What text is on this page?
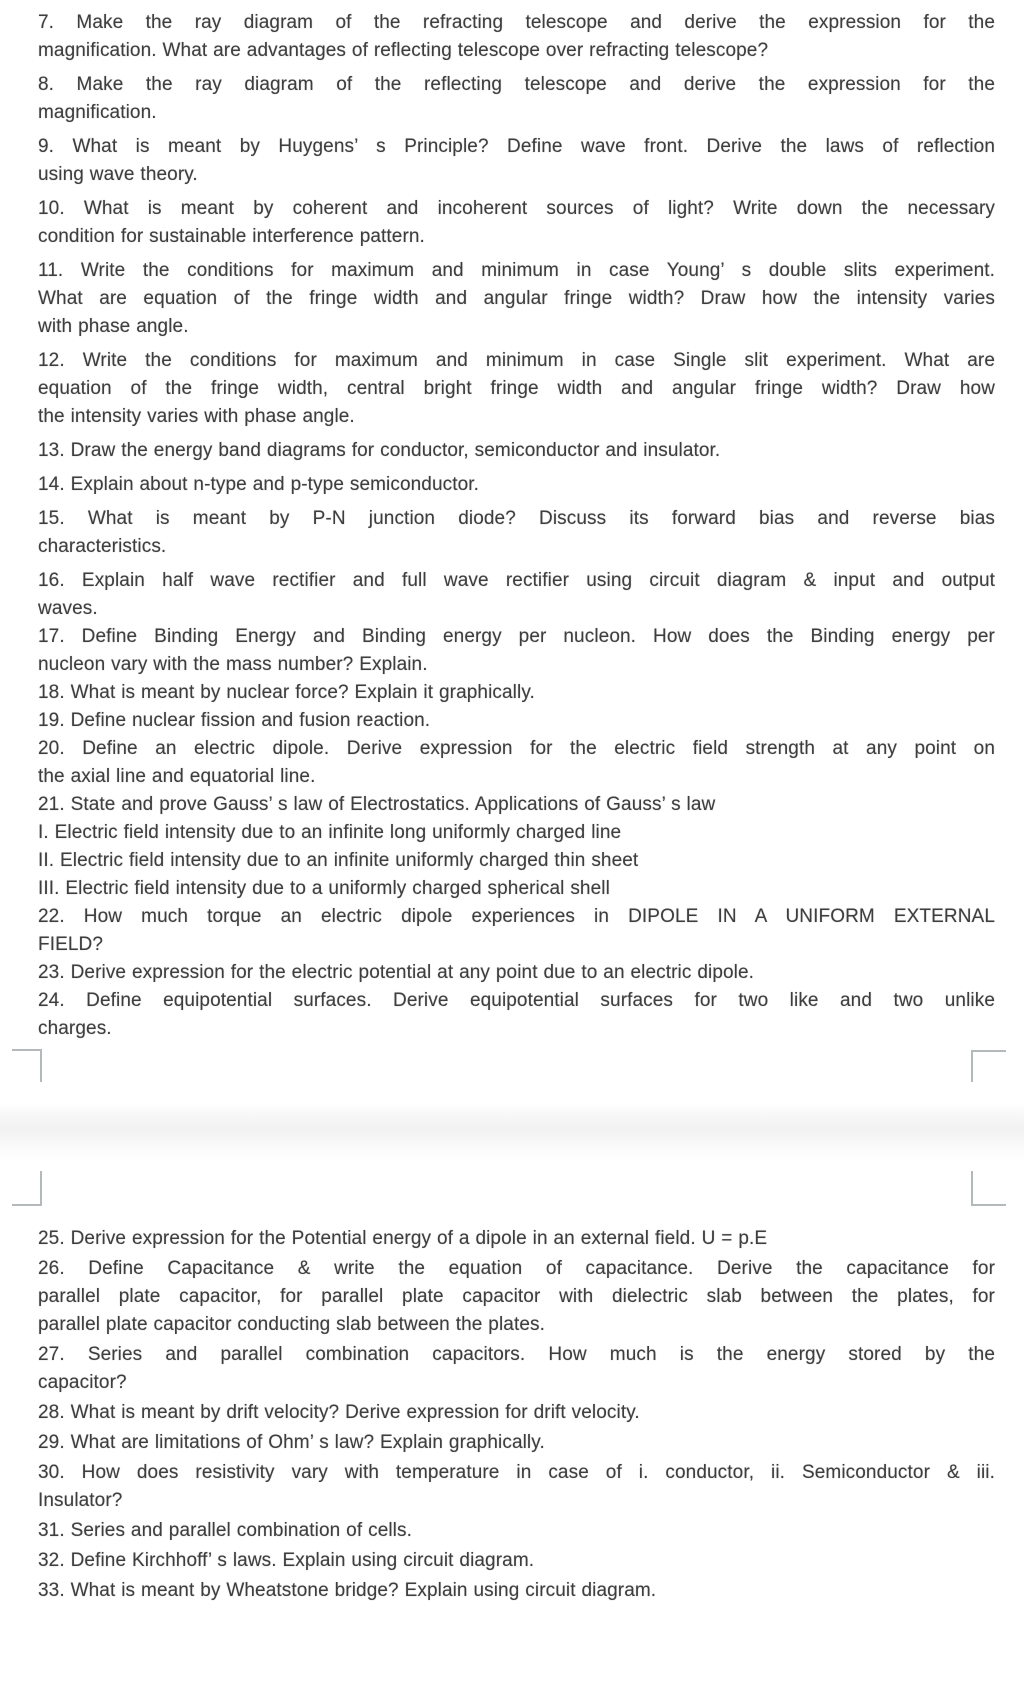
7. Make the ray diagram of the refracting telescope and derive the expression for the
magnification. What are advantages of reflecting telescope over refracting telescope?
8. Make the ray diagram of the reflecting telescope and derive the expression for the
magnification.
9. What is meant by Huygens’ s Principle? Define wave front. Derive the laws of reflection
using wave theory.
10. What is meant by coherent and incoherent sources of light? Write down the necessary
condition for sustainable interference pattern.
11. Write the conditions for maximum and minimum in case Young’ s double slits experiment.
What are equation of the fringe width and angular fringe width? Draw how the intensity varies
with phase angle.
12. Write the conditions for maximum and minimum in case Single slit experiment. What are
equation of the fringe width, central bright fringe width and angular fringe width? Draw how
the intensity varies with phase angle.
13. Draw the energy band diagrams for conductor, semiconductor and insulator.
14. Explain about n-type and p-type semiconductor.
15. What is meant by P-N junction diode? Discuss its forward bias and reverse bias
characteristics.
16. Explain half wave rectifier and full wave rectifier using circuit diagram & input and output
waves.
17. Define Binding Energy and Binding energy per nucleon. How does the Binding energy per
nucleon vary with the mass number? Explain.
18. What is meant by nuclear force? Explain it graphically.
19. Define nuclear fission and fusion reaction.
20. Define an electric dipole. Derive expression for the electric field strength at any point on
the axial line and equatorial line.
21. State and prove Gauss’ s law of Electrostatics. Applications of Gauss’ s law
I. Electric field intensity due to an infinite long uniformly charged line
II. Electric field intensity due to an infinite uniformly charged thin sheet
III. Electric field intensity due to a uniformly charged spherical shell
22. How much torque an electric dipole experiences in DIPOLE IN A UNIFORM EXTERNAL
FIELD?
23. Derive expression for the electric potential at any point due to an electric dipole.
24. Define equipotential surfaces. Derive equipotential surfaces for two like and two unlike
charges.
25. Derive expression for the Potential energy of a dipole in an external field. U = p.E
26. Define Capacitance & write the equation of capacitance. Derive the capacitance for
parallel plate capacitor, for parallel plate capacitor with dielectric slab between the plates, for
parallel plate capacitor conducting slab between the plates.
27. Series and parallel combination capacitors. How much is the energy stored by the
capacitor?
28. What is meant by drift velocity? Derive expression for drift velocity.
29. What are limitations of Ohm’ s law? Explain graphically.
30. How does resistivity vary with temperature in case of i. conductor, ii. Semiconductor & iii.
Insulator?
31. Series and parallel combination of cells.
32. Define Kirchhoff’ s laws. Explain using circuit diagram.
33. What is meant by Wheatstone bridge? Explain using circuit diagram.
